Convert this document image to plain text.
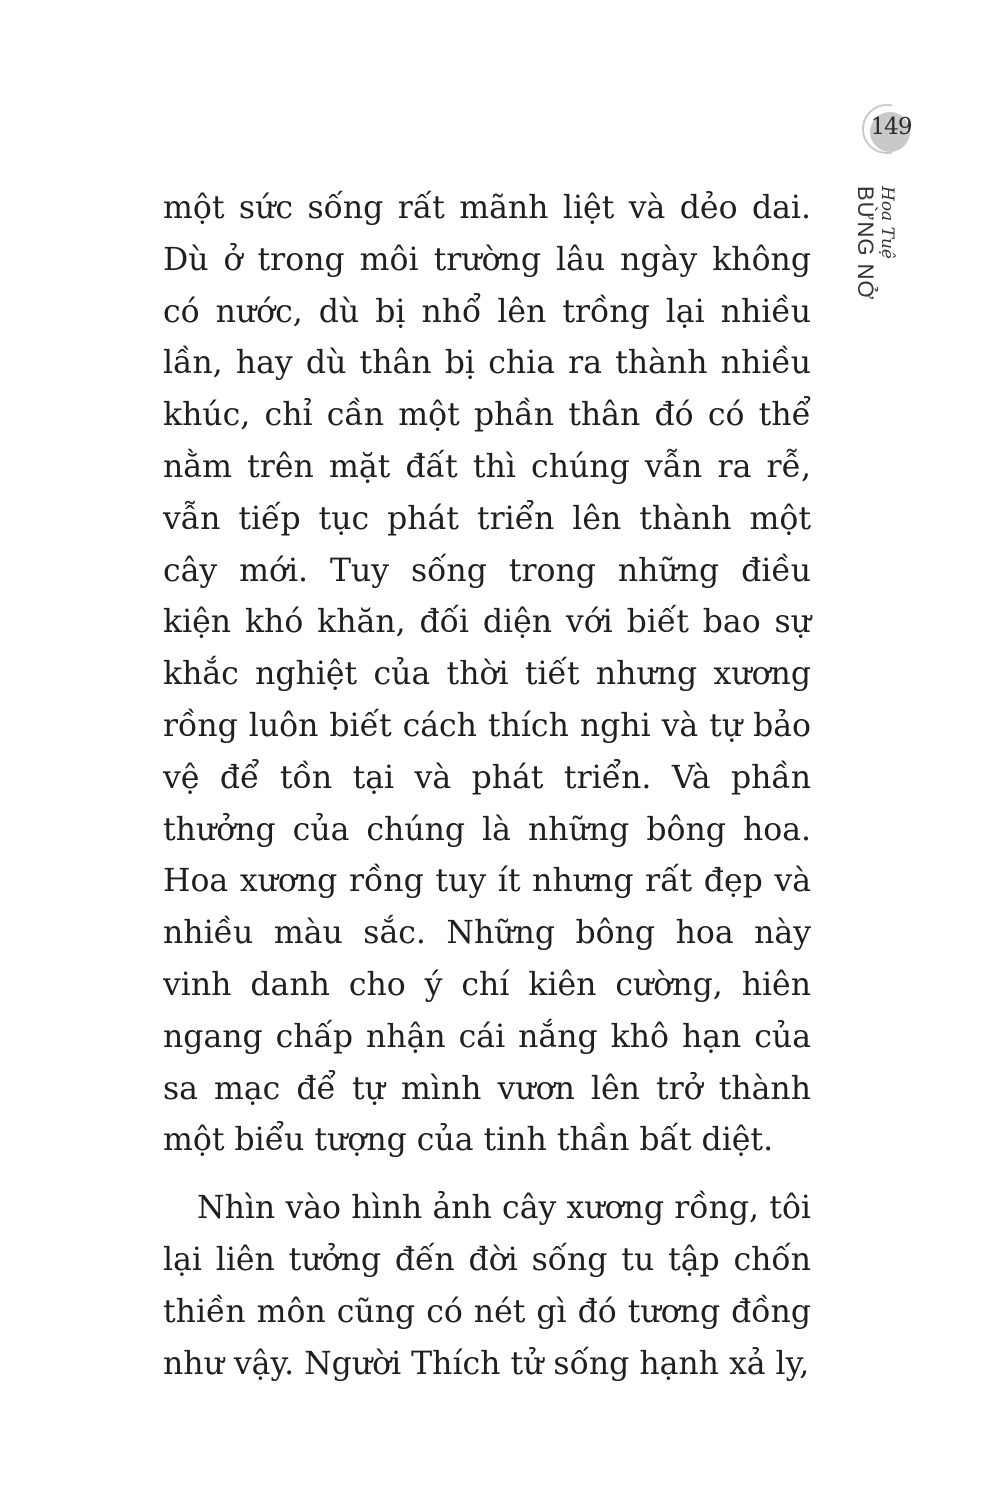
149
Hoa Tuệ
BỪNG NỞ

một sức sống rất mãnh liệt và dẻo dai. Dù ở trong môi trường lâu ngày không có nước, dù bị nhổ lên trồng lại nhiều lần, hay dù thân bị chia ra thành nhiều khúc, chỉ cần một phần thân đó có thể nằm trên mặt đất thì chúng vẫn ra rễ, vẫn tiếp tục phát triển lên thành một cây mới. Tuy sống trong những điều kiện khó khăn, đối diện với biết bao sự khắc nghiệt của thời tiết nhưng xương rồng luôn biết cách thích nghi và tự bảo vệ để tồn tại và phát triển. Và phần thưởng của chúng là những bông hoa. Hoa xương rồng tuy ít nhưng rất đẹp và nhiều màu sắc. Những bông hoa này vinh danh cho ý chí kiên cường, hiên ngang chấp nhận cái nắng khô hạn của sa mạc để tự mình vươn lên trở thành một biểu tượng của tinh thần bất diệt.

Nhìn vào hình ảnh cây xương rồng, tôi lại liên tưởng đến đời sống tu tập chốn thiền môn cũng có nét gì đó tương đồng như vậy. Người Thích tử sống hạnh xả ly,
